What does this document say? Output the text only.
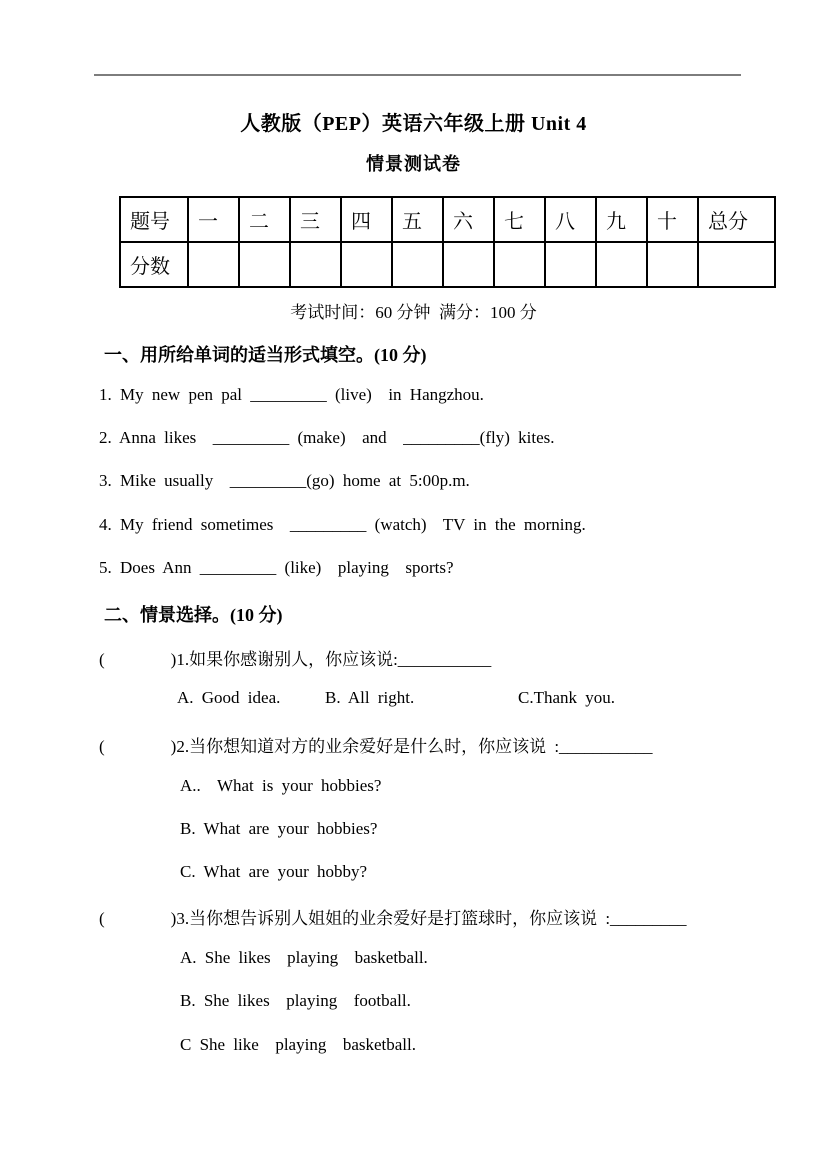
人教版（PEP）英语六年级上册 Unit 4
情景测试卷
题号	一	二	三	四	五	六	七	八	九	十	总分
分数											
考试时间：60 分钟  满分：100 分
一、用所给单词的适当形式填空。(10 分)
1. My new pen pal _________ (live)  in Hangzhou.
2. Anna likes  _________ (make)  and  _________(fly) kites.
3. Mike usually  _________(go) home at 5:00p.m.
4. My friend sometimes  _________ (watch)  TV in the morning.
5. Does Ann _________ (like)  playing  sports?
二、情景选择。(10 分)
(        )1.如果你感谢别人，你应该说:___________
A. Good idea.	B. All right.	C.Thank you.
(        )2.当你想知道对方的业余爱好是什么时，你应该说 :___________
A..  What is your hobbies?
B. What are your hobbies?
C. What are your hobby?
(        )3.当你想告诉别人姐姐的业余爱好是打篮球时，你应该说 :_________
A. She likes  playing  basketball.
B. She likes  playing  football.
C She like  playing  basketball.
